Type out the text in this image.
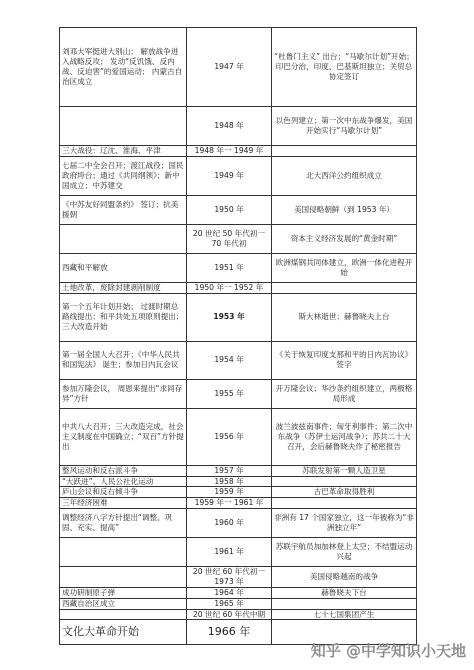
刘邓大军挺进大别山； 解放战争进入战略反攻； 发动“反饥饿、反内战、反迫害”的爱国运动； 内蒙古自治区成立	1947 年	“杜鲁门主义” 出台；“马歇尔计划”开始；印巴分治，印度、巴基斯坦独立；关贸总协定签订
	1948 年	以色列建立；第一次中东战争爆发，美国开始实行“马歇尔计划”
三大战役：辽沈、淮海、平津	1948 年一 1949 年	
七届二中全会召开；渡江战役；国民政府垮台；通过《共同纲领》；新中国成立；中苏建交	1949 年	北大西洋公约组织成立
《中苏友好同盟条约》 签订；抗美援朝	1950 年	美国侵略朝鲜（到 1953 年）
	20 世纪 50 年代初一 70 年代初	资本主义经济发展的“黄金时期”
西藏和平解放	1951 年	欧洲煤钢共同体建立，欧洲一体化进程开始
土地改革，废除封建剥削制度	1950 年一 1952 年	
第一个五年计划开始； 过渡时期总路线提出；和平共处五项原则提出； 三大改造开始	1953 年	斯大林逝世；赫鲁晓夫上台
第一届全国人大召开；《中华人民共和国宪法》 诞生；参加日内瓦会议	1954 年	《关于恢复印度支那和平的日内瓦协议》签字
参加万隆会议， 周恩来提出“求同存异”方针	1955 年	开万隆会议；华沙条约组织建立，两极格局形成
中共八大召开；三大改造完成，社会主义制度在中国确立；“双百”方针提出	1956 年	波兰波兹南事件；匈牙利事件；第二次中东战争（苏伊士运河战争）；苏共二十大召开，会后赫鲁晓夫作了秘密报告
整风运动和反右派斗争	1957 年	苏联发射第一颗人造卫星
“大跃进”、人民公社化运动	1958 年	
庐山会议和反右倾斗争	1959 年	古巴革命取得胜利
三年经济困难	1959 年一 1961 年	
调整经济八字方针提出“调整、巩固、充实、提高”	1960 年	非洲有 17 个国家独立，这一年被称为“非洲独立年”
	1961 年	苏联宇航员加加林登上太空；不结盟运动兴起
	20 世纪 60 年代初一 1973 年	美国侵略越南的战争
成功研制原子弹	1964 年	赫鲁晓夫下台
西藏自治区成立	1965 年	
	20 世纪 60 年代中期	七十七国集团产生
文化大革命开始	1966 年	
知乎 @中学知识小天地
